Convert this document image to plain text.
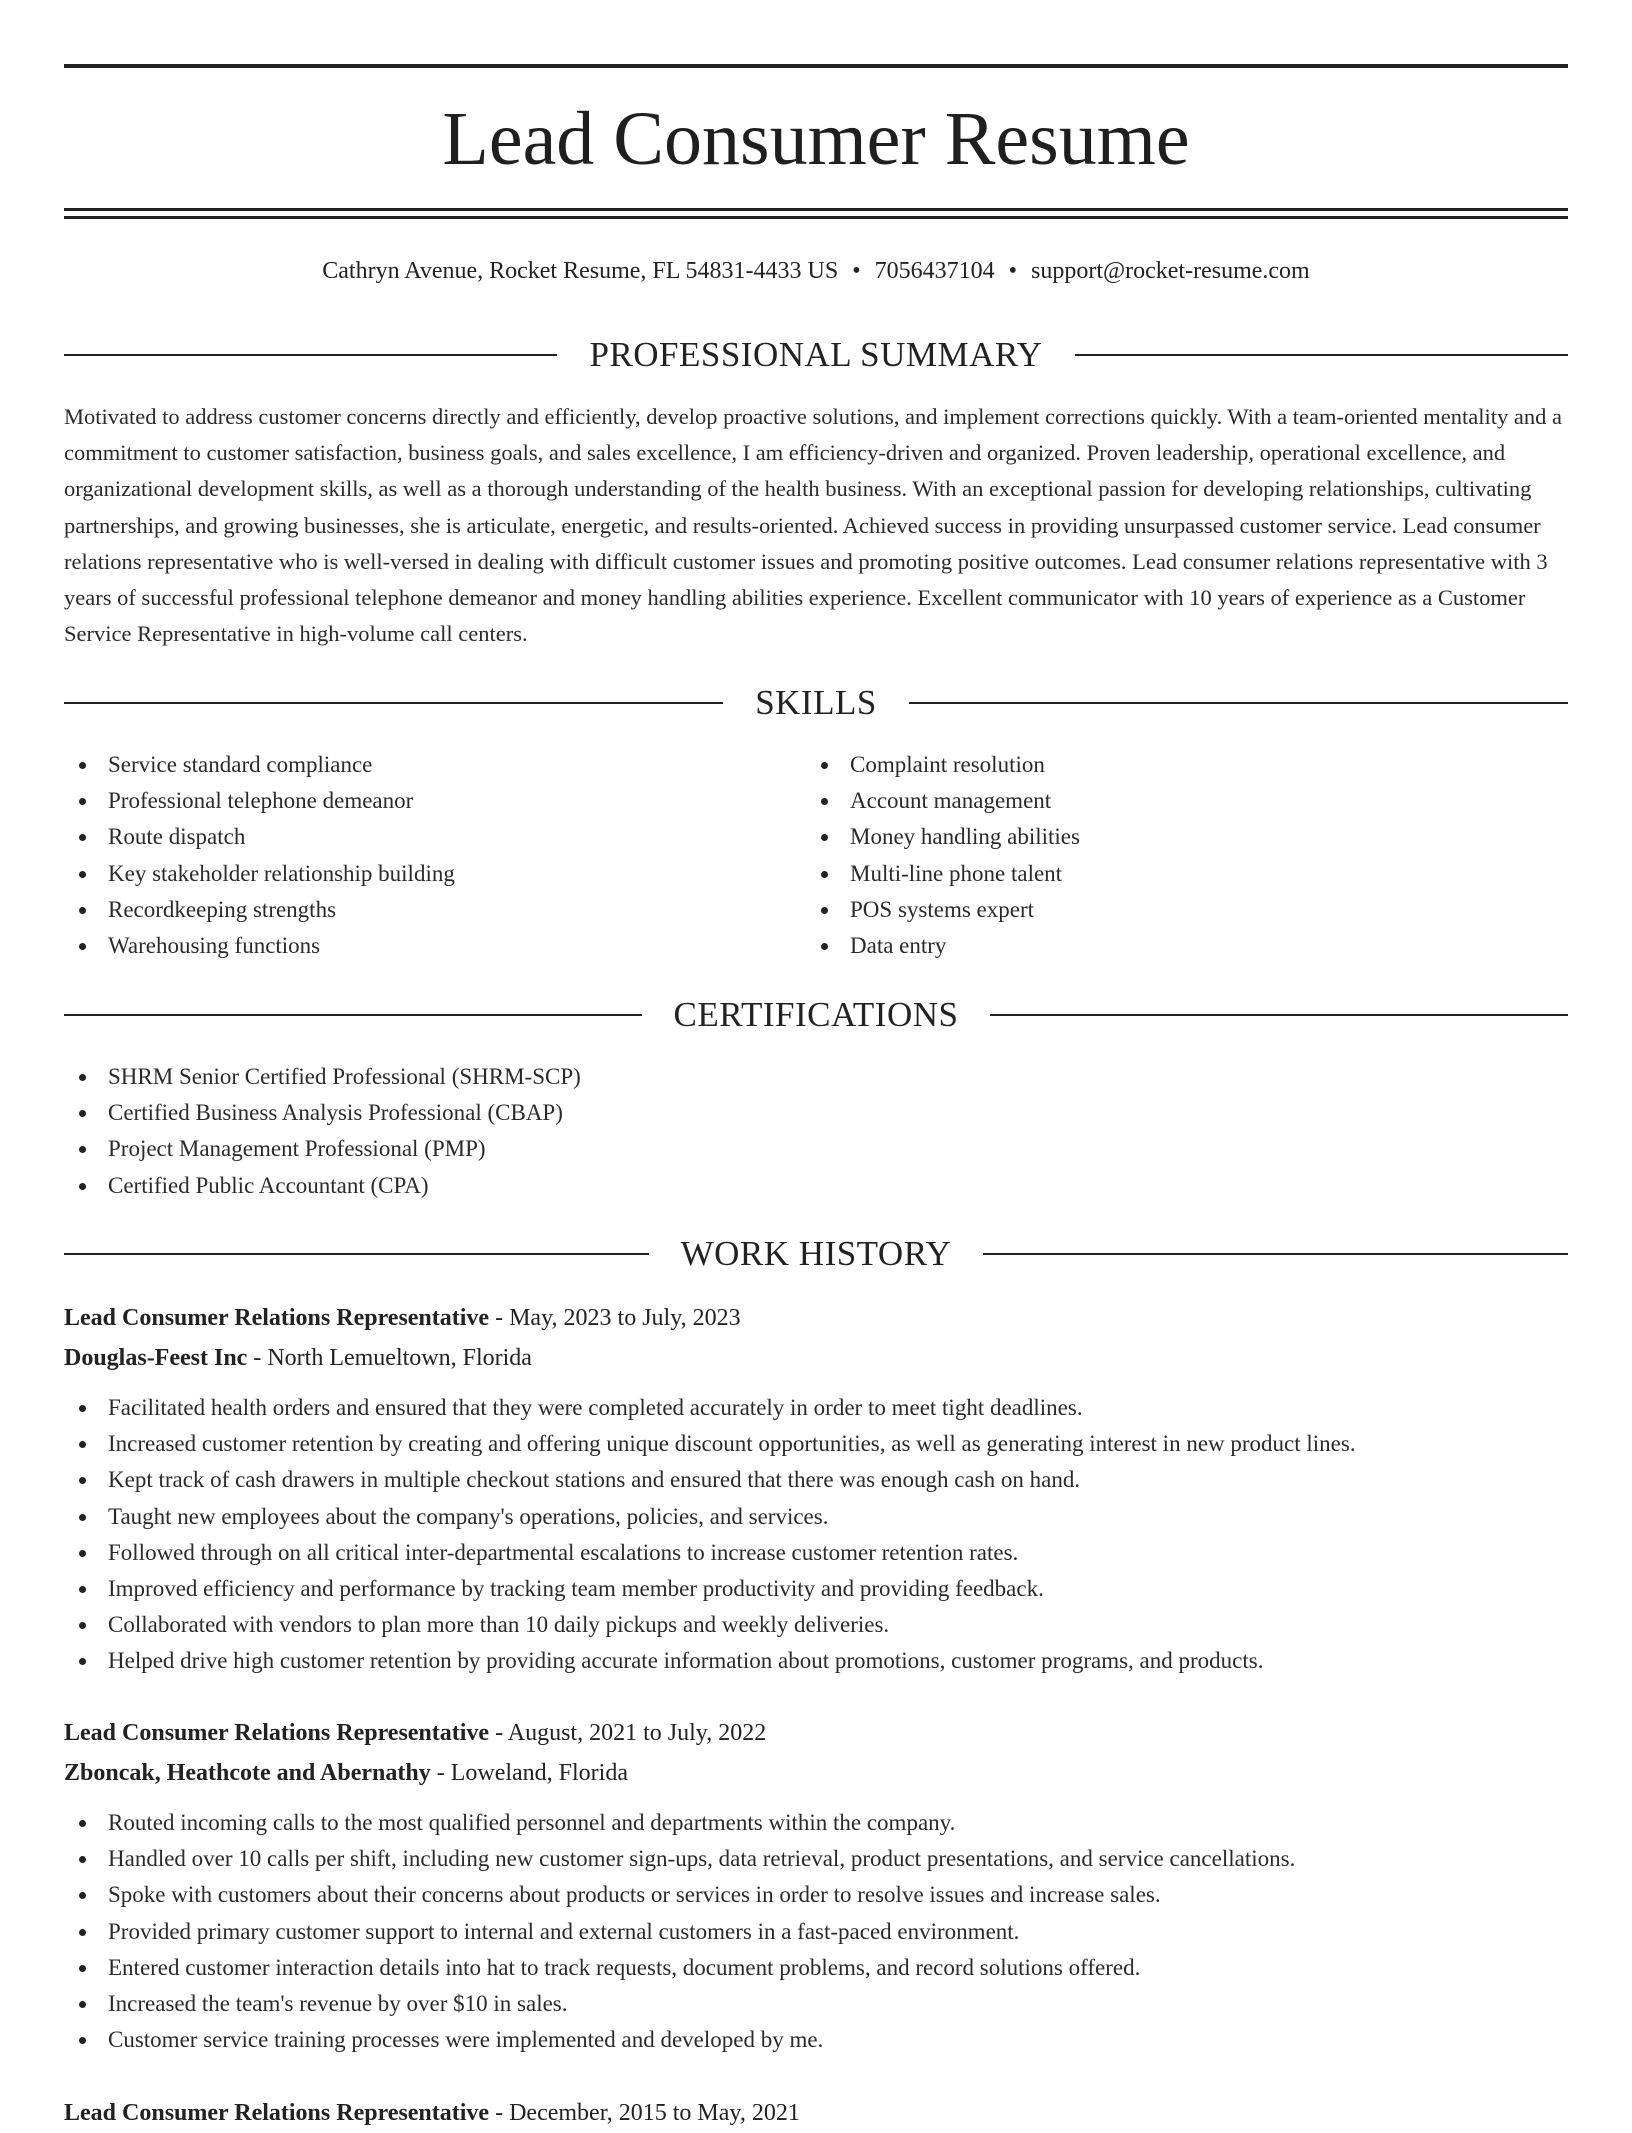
Lead Consumer Resume
Cathryn Avenue, Rocket Resume, FL 54831-4433 US • 7056437104 • support@rocket-resume.com
PROFESSIONAL SUMMARY

Motivated to address customer concerns directly and efficiently, develop proactive solutions, and implement corrections quickly. With a team-oriented mentality and a commitment to customer satisfaction, business goals, and sales excellence, I am efficiency-driven and organized. Proven leadership, operational excellence, and organizational development skills, as well as a thorough understanding of the health business. With an exceptional passion for developing relationships, cultivating partnerships, and growing businesses, she is articulate, energetic, and results-oriented. Achieved success in providing unsurpassed customer service. Lead consumer relations representative who is well-versed in dealing with difficult customer issues and promoting positive outcomes. Lead consumer relations representative with 3 years of successful professional telephone demeanor and money handling abilities experience. Excellent communicator with 10 years of experience as a Customer Service Representative in high-volume call centers.

SKILLS
Service standard compliance
Professional telephone demeanor
Route dispatch
Key stakeholder relationship building
Recordkeeping strengths
Warehousing functions
Complaint resolution
Account management
Money handling abilities
Multi-line phone talent
POS systems expert
Data entry
CERTIFICATIONS
SHRM Senior Certified Professional (SHRM-SCP)
Certified Business Analysis Professional (CBAP)
Project Management Professional (PMP)
Certified Public Accountant (CPA)
WORK HISTORY
Lead Consumer Relations Representative - May, 2023 to July, 2023
Douglas-Feest Inc - North Lemueltown, Florida
Facilitated health orders and ensured that they were completed accurately in order to meet tight deadlines.
Increased customer retention by creating and offering unique discount opportunities, as well as generating interest in new product lines.
Kept track of cash drawers in multiple checkout stations and ensured that there was enough cash on hand.
Taught new employees about the company's operations, policies, and services.
Followed through on all critical inter-departmental escalations to increase customer retention rates.
Improved efficiency and performance by tracking team member productivity and providing feedback.
Collaborated with vendors to plan more than 10 daily pickups and weekly deliveries.
Helped drive high customer retention by providing accurate information about promotions, customer programs, and products.
Lead Consumer Relations Representative - August, 2021 to July, 2022
Zboncak, Heathcote and Abernathy - Loweland, Florida
Routed incoming calls to the most qualified personnel and departments within the company.
Handled over 10 calls per shift, including new customer sign-ups, data retrieval, product presentations, and service cancellations.
Spoke with customers about their concerns about products or services in order to resolve issues and increase sales.
Provided primary customer support to internal and external customers in a fast-paced environment.
Entered customer interaction details into hat to track requests, document problems, and record solutions offered.
Increased the team's revenue by over $10 in sales.
Customer service training processes were implemented and developed by me.
Lead Consumer Relations Representative - December, 2015 to May, 2021
